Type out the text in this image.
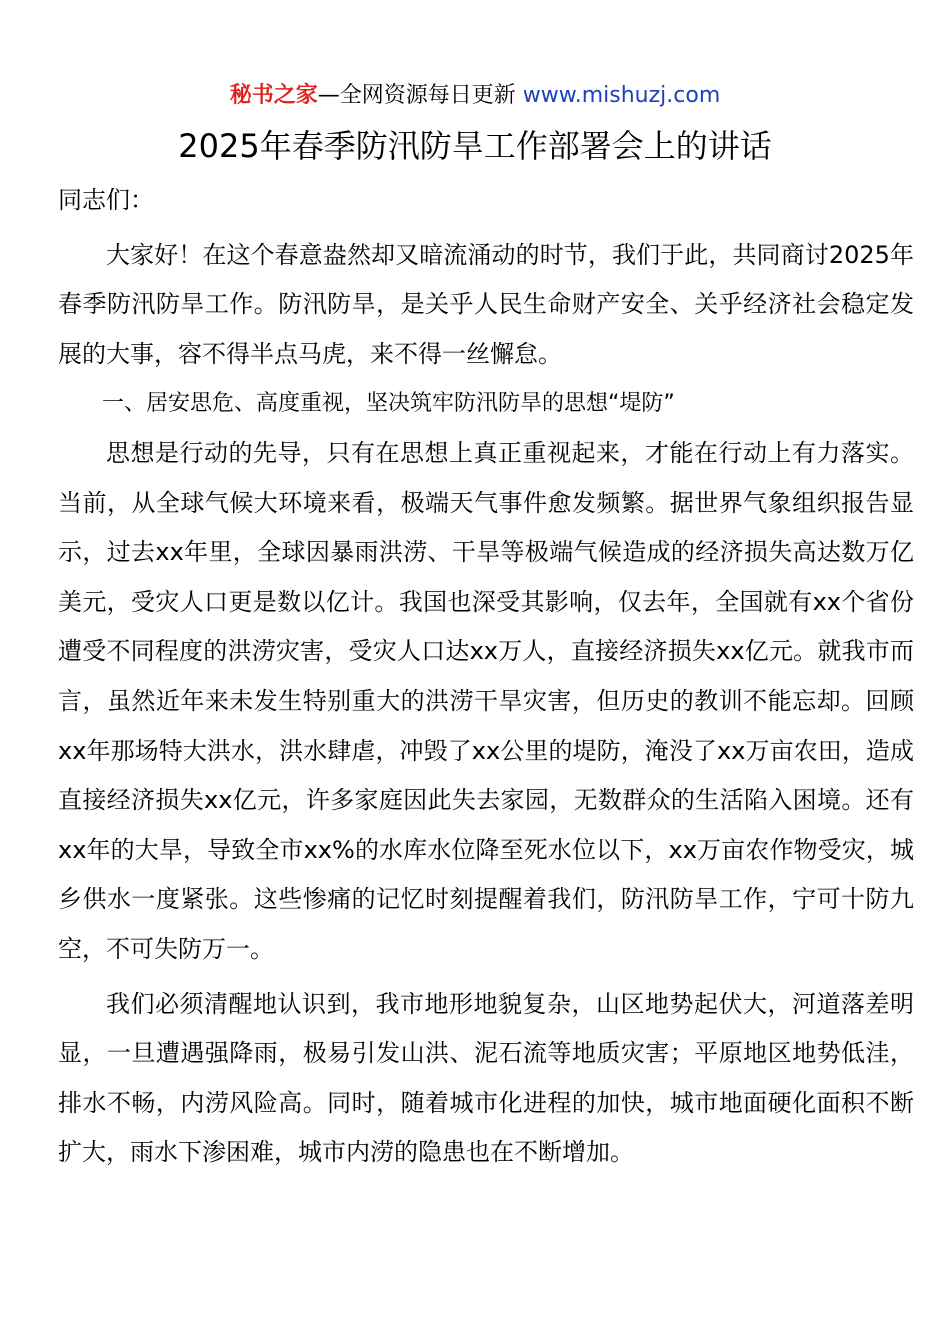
秘书之家—全网资源每日更新 www.mishuzj.com
2025年春季防汛防旱工作部署会上的讲话

同志们：

大家好！在这个春意盎然却又暗流涌动的时节，我们于此，共同商讨2025年春季防汛防旱工作。防汛防旱，是关乎人民生命财产安全、关乎经济社会稳定发展的大事，容不得半点马虎，来不得一丝懈怠。

一、居安思危、高度重视，坚决筑牢防汛防旱的思想“堤防”

思想是行动的先导，只有在思想上真正重视起来，才能在行动上有力落实。当前，从全球气候大环境来看，极端天气事件愈发频繁。据世界气象组织报告显示，过去xx年里，全球因暴雨洪涝、干旱等极端气候造成的经济损失高达数万亿美元，受灾人口更是数以亿计。我国也深受其影响，仅去年，全国就有xx个省份遭受不同程度的洪涝灾害，受灾人口达xx万人，直接经济损失xx亿元。就我市而言，虽然近年来未发生特别重大的洪涝干旱灾害，但历史的教训不能忘却。回顾xx年那场特大洪水，洪水肆虐，冲毁了xx公里的堤防，淹没了xx万亩农田，造成直接经济损失xx亿元，许多家庭因此失去家园，无数群众的生活陷入困境。还有xx年的大旱，导致全市xx%的水库水位降至死水位以下，xx万亩农作物受灾，城乡供水一度紧张。这些惨痛的记忆时刻提醒着我们，防汛防旱工作，宁可十防九空，不可失防万一。

我们必须清醒地认识到，我市地形地貌复杂，山区地势起伏大，河道落差明显，一旦遭遇强降雨，极易引发山洪、泥石流等地质灾害；平原地区地势低洼，排水不畅，内涝风险高。同时，随着城市化进程的加快，城市地面硬化面积不断扩大，雨水下渗困难，城市内涝的隐患也在不断增加。
